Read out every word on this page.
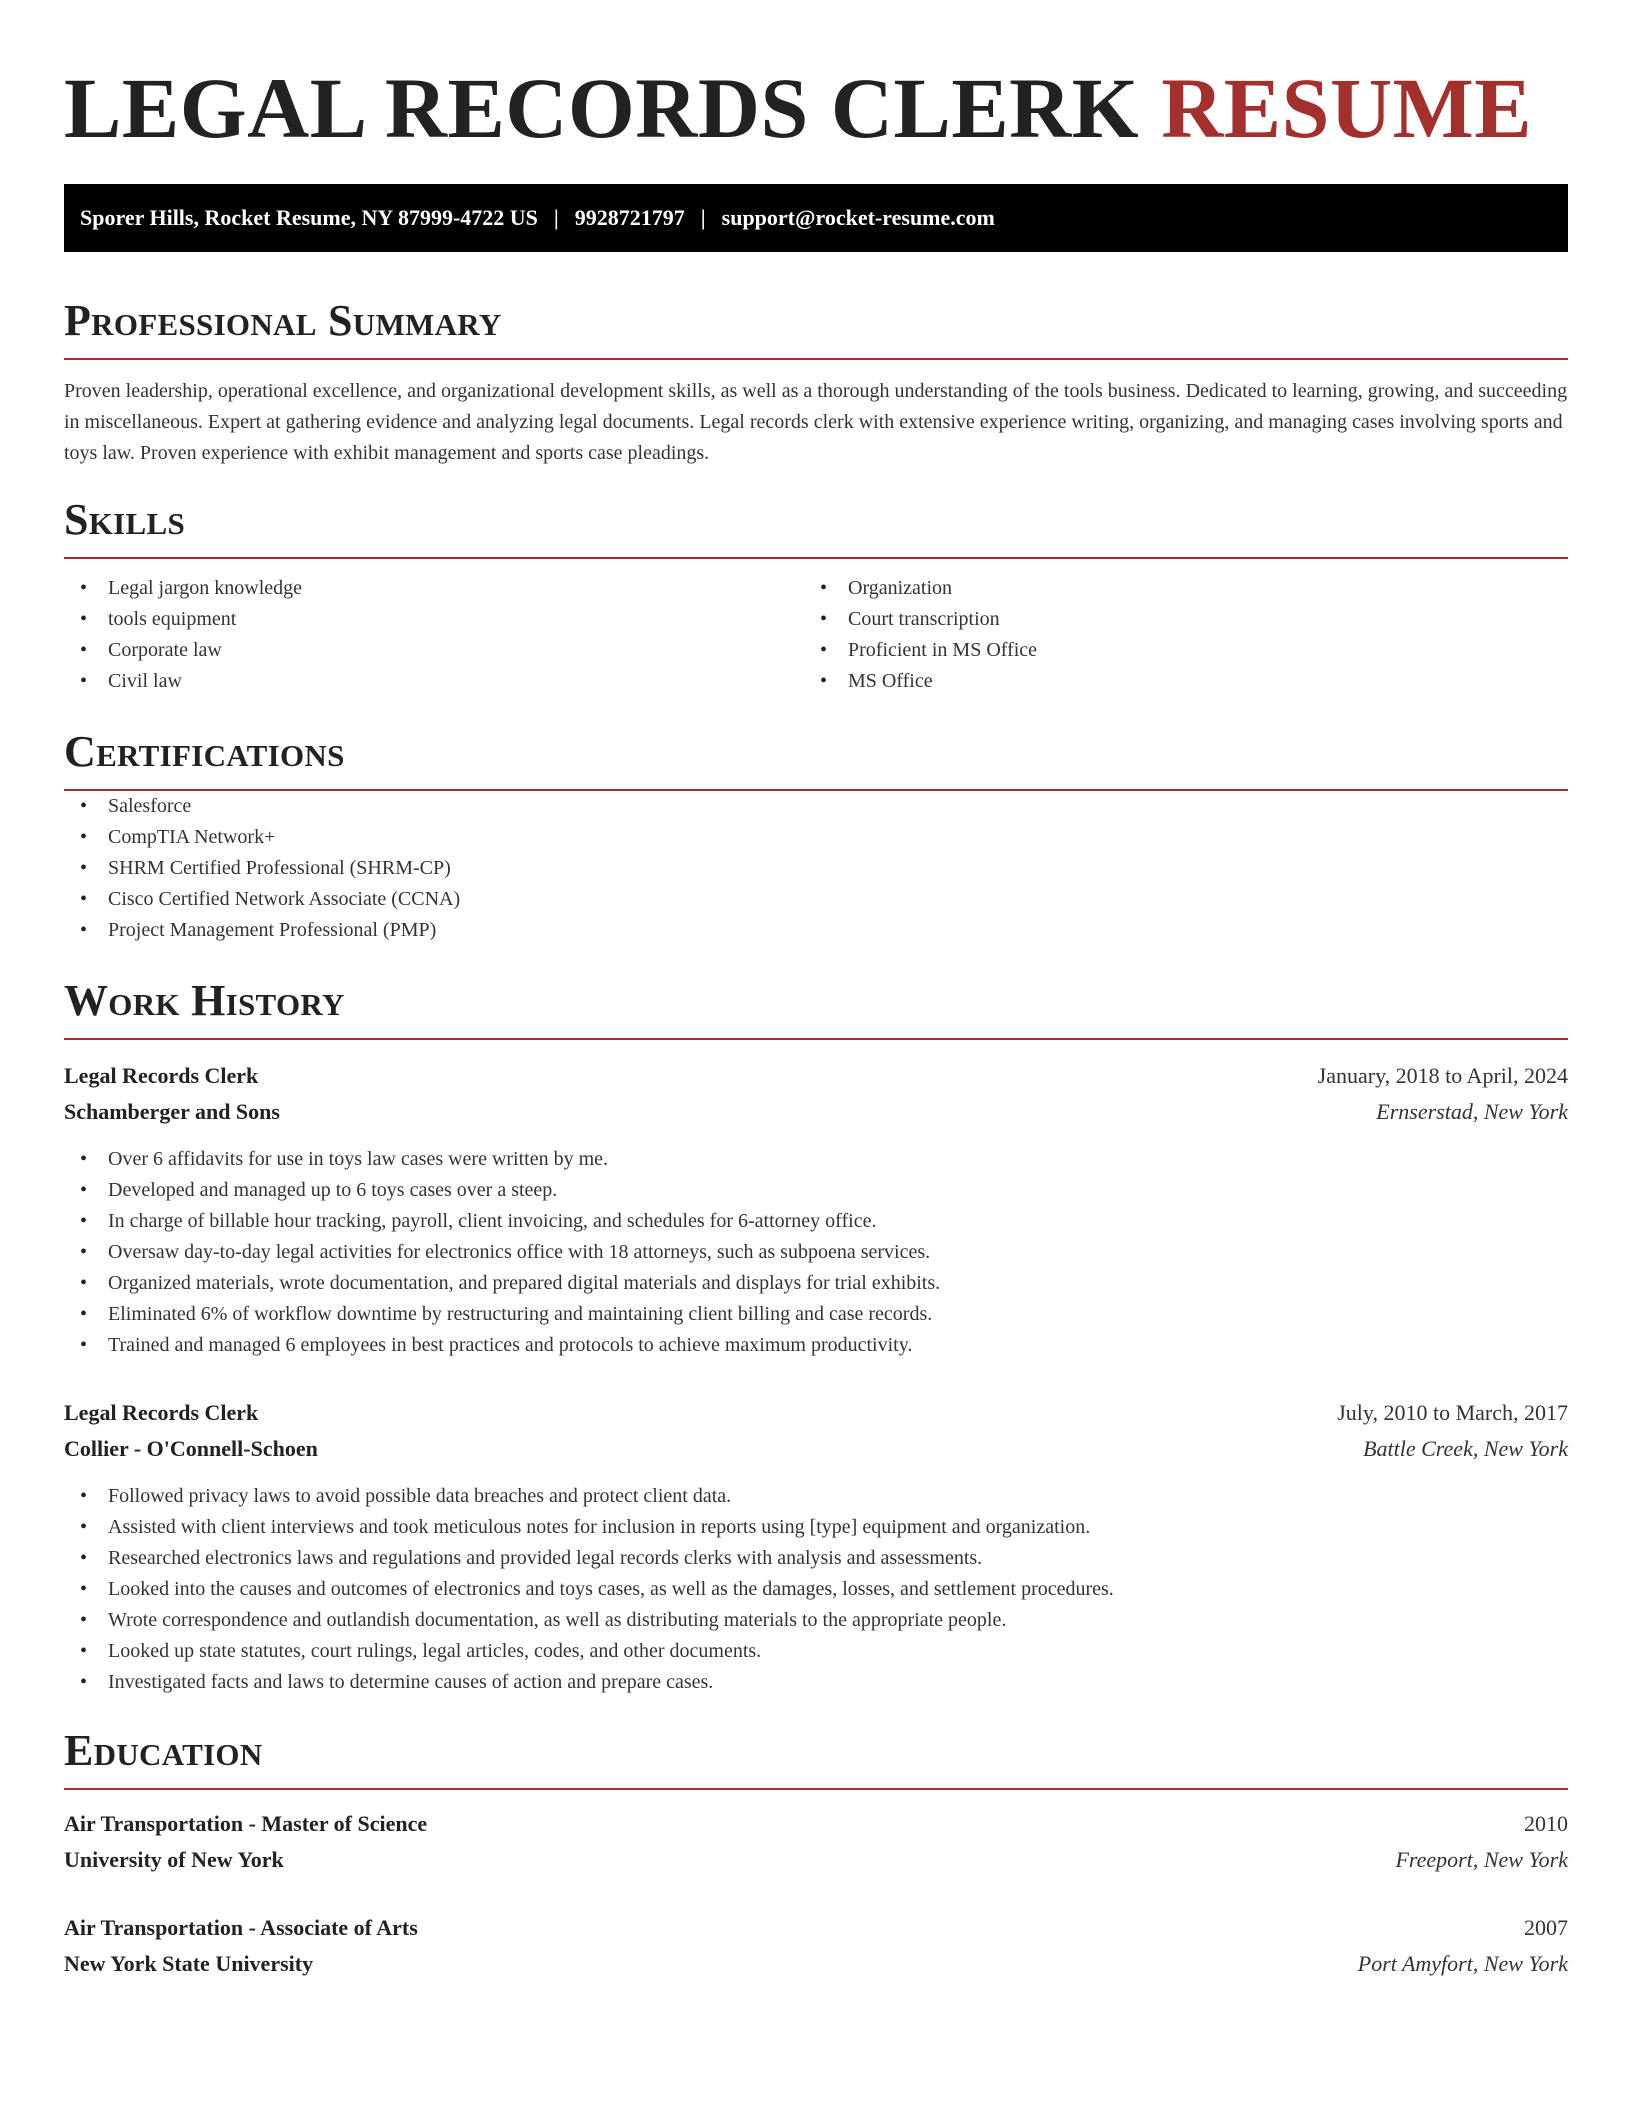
LEGAL RECORDS CLERK RESUME
Sporer Hills, Rocket Resume, NY 87999-4722 US | 9928721797 | support@rocket-resume.com
Professional Summary

Proven leadership, operational excellence, and organizational development skills, as well as a thorough understanding of the tools business. Dedicated to learning, growing, and succeeding in miscellaneous. Expert at gathering evidence and analyzing legal documents. Legal records clerk with extensive experience writing, organizing, and managing cases involving sports and toys law. Proven experience with exhibit management and sports case pleadings.

Skills
• Legal jargon knowledge
• tools equipment
• Corporate law
• Civil law
• Organization
• Court transcription
• Proficient in MS Office
• MS Office
Certifications
• Salesforce
• CompTIA Network+
• SHRM Certified Professional (SHRM-CP)
• Cisco Certified Network Associate (CCNA)
• Project Management Professional (PMP)
Work History
Legal Records Clerk	January, 2018 to April, 2024
Schamberger and Sons	Ernserstad, New York
• Over 6 affidavits for use in toys law cases were written by me.
• Developed and managed up to 6 toys cases over a steep.
• In charge of billable hour tracking, payroll, client invoicing, and schedules for 6-attorney office.
• Oversaw day-to-day legal activities for electronics office with 18 attorneys, such as subpoena services.
• Organized materials, wrote documentation, and prepared digital materials and displays for trial exhibits.
• Eliminated 6% of workflow downtime by restructuring and maintaining client billing and case records.
• Trained and managed 6 employees in best practices and protocols to achieve maximum productivity.
Legal Records Clerk	July, 2010 to March, 2017
Collier - O'Connell-Schoen	Battle Creek, New York
• Followed privacy laws to avoid possible data breaches and protect client data.
• Assisted with client interviews and took meticulous notes for inclusion in reports using [type] equipment and organization.
• Researched electronics laws and regulations and provided legal records clerks with analysis and assessments.
• Looked into the causes and outcomes of electronics and toys cases, as well as the damages, losses, and settlement procedures.
• Wrote correspondence and outlandish documentation, as well as distributing materials to the appropriate people.
• Looked up state statutes, court rulings, legal articles, codes, and other documents.
• Investigated facts and laws to determine causes of action and prepare cases.
Education
Air Transportation - Master of Science	2010
University of New York	Freeport, New York
Air Transportation - Associate of Arts	2007
New York State University	Port Amyfort, New York
